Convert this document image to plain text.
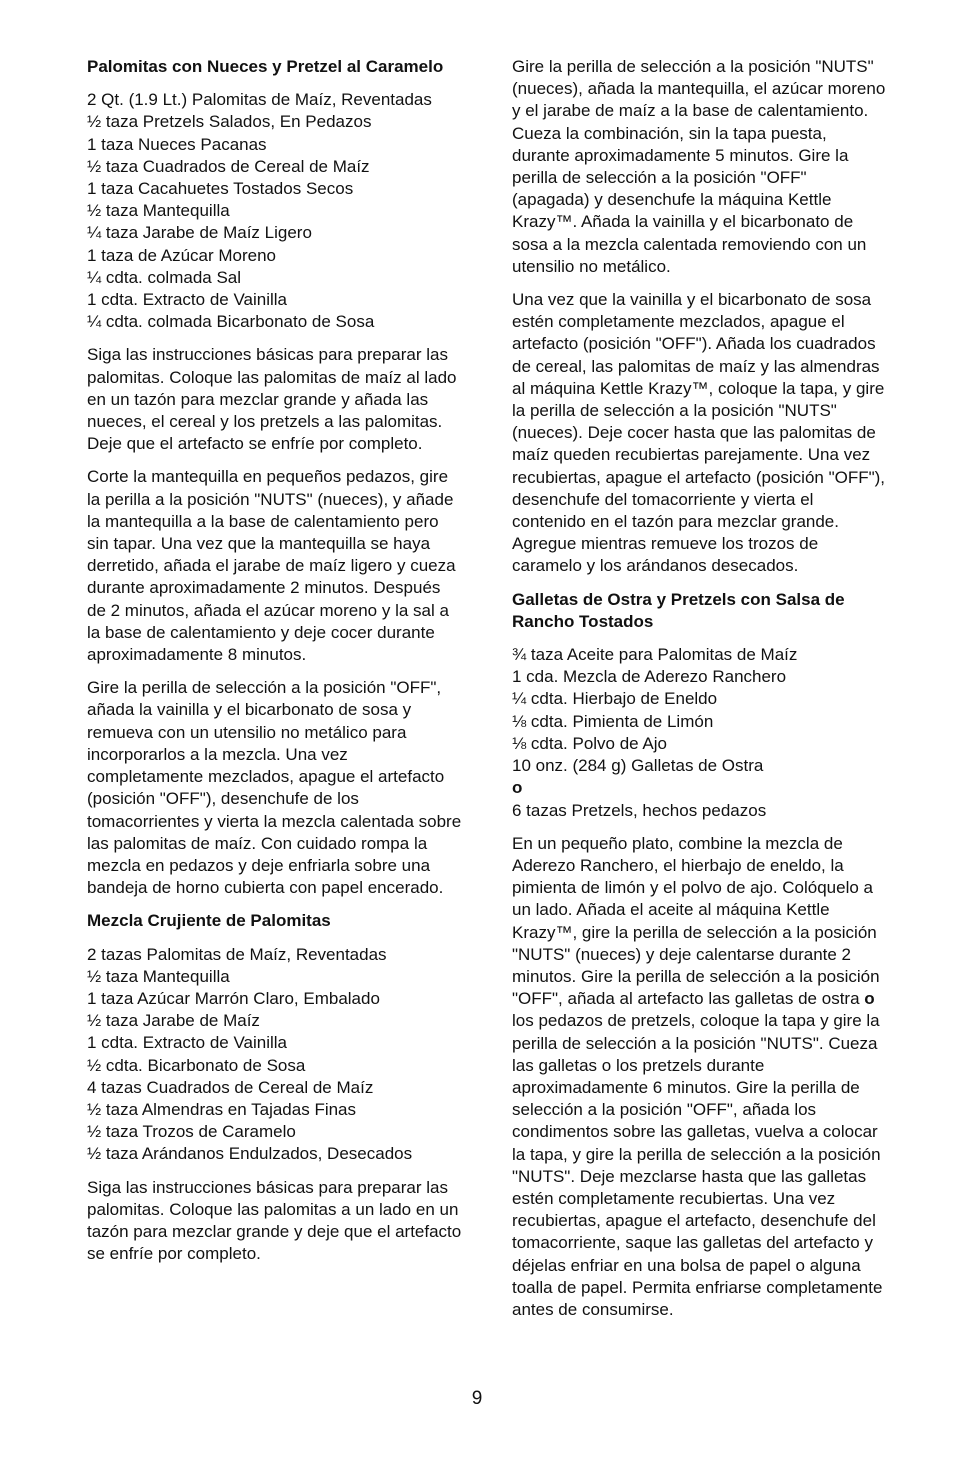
Palomitas con Nueces y Pretzel al Caramelo
2 Qt. (1.9 Lt.) Palomitas de Maíz, Reventadas
½ taza Pretzels Salados, En Pedazos
1 taza Nueces Pacanas
½ taza Cuadrados de Cereal de Maíz
1 taza Cacahuetes Tostados Secos
½ taza Mantequilla
¼ taza Jarabe de Maíz Ligero
1 taza de Azúcar Moreno
¼ cdta. colmada Sal
1 cdta. Extracto de Vainilla
¼ cdta. colmada Bicarbonato de Sosa

Siga las instrucciones básicas para preparar las palomitas. Coloque las palomitas de maíz al lado en un tazón para mezclar grande y añada las nueces, el cereal y los pretzels a las palomitas. Deje que el artefacto se enfríe por completo.

Corte la mantequilla en pequeños pedazos, gire la perilla a la posición "NUTS" (nueces), y añade la mantequilla a la base de calentamiento pero sin tapar. Una vez que la mantequilla se haya derretido, añada el jarabe de maíz ligero y cueza durante aproximadamente 2 minutos. Después de 2 minutos, añada el azúcar moreno y la sal a la base de calentamiento y deje cocer durante aproximadamente 8 minutos.

Gire la perilla de selección a la posición "OFF", añada la vainilla y el bicarbonato de sosa y remueva con un utensilio no metálico para incorporarlos a la mezcla. Una vez completamente mezclados, apague el artefacto (posición "OFF"), desenchufe de los tomacorrientes y vierta la mezcla calentada sobre las palomitas de maíz. Con cuidado rompa la mezcla en pedazos y deje enfriarla sobre una bandeja de horno cubierta con papel encerado.

Mezcla Crujiente de Palomitas
2 tazas Palomitas de Maíz, Reventadas
½ taza Mantequilla
1 taza Azúcar Marrón Claro, Embalado
½ taza Jarabe de Maíz
1 cdta. Extracto de Vainilla
½ cdta. Bicarbonato de Sosa
4 tazas Cuadrados de Cereal de Maíz
½ taza Almendras en Tajadas Finas
½ taza Trozos de Caramelo
½ taza Arándanos Endulzados, Desecados

Siga las instrucciones básicas para preparar las palomitas. Coloque las palomitas a un lado en un tazón para mezclar grande y deje que el artefacto se enfríe por completo.

Gire la perilla de selección a la posición "NUTS" (nueces), añada la mantequilla, el azúcar moreno y el jarabe de maíz a la base de calentamiento. Cueza la combinación, sin la tapa puesta, durante aproximadamente 5 minutos. Gire la perilla de selección a la posición "OFF" (apagada) y desenchufe la máquina Kettle Krazy™. Añada la vainilla y el bicarbonato de sosa a la mezcla calentada removiendo con un utensilio no metálico.

Una vez que la vainilla y el bicarbonato de sosa estén completamente mezclados, apague el artefacto (posición "OFF"). Añada los cuadrados de cereal, las palomitas de maíz y las almendras al máquina Kettle Krazy™, coloque la tapa, y gire la perilla de selección a la posición "NUTS" (nueces). Deje cocer hasta que las palomitas de maíz queden recubiertas parejamente. Una vez recubiertas, apague el artefacto (posición "OFF"), desenchufe del tomacorriente y vierta el contenido en el tazón para mezclar grande. Agregue mientras remueve los trozos de caramelo y los arándanos desecados.

Galletas de Ostra y Pretzels con Salsa de Rancho Tostados
¾ taza Aceite para Palomitas de Maíz
1 cda. Mezcla de Aderezo Ranchero
¼ cdta. Hierbajo de Eneldo
⅛ cdta. Pimienta de Limón
⅛ cdta. Polvo de Ajo
10 onz. (284 g) Galletas de Ostra
o
6 tazas Pretzels, hechos pedazos

En un pequeño plato, combine la mezcla de Aderezo Ranchero, el hierbajo de eneldo, la pimienta de limón y el polvo de ajo. Colóquelo a un lado. Añada el aceite al máquina Kettle Krazy™, gire la perilla de selección a la posición "NUTS" (nueces) y deje calentarse durante 2 minutos. Gire la perilla de selección a la posición "OFF", añada al artefacto las galletas de ostra o los pedazos de pretzels, coloque la tapa y gire la perilla de selección a la posición "NUTS". Cueza las galletas o los pretzels durante aproximadamente 6 minutos. Gire la perilla de selección a la posición "OFF", añada los condimentos sobre las galletas, vuelva a colocar la tapa, y gire la perilla de selección a la posición "NUTS". Deje mezclarse hasta que las galletas estén completamente recubiertas. Una vez recubiertas, apague el artefacto, desenchufe del tomacorriente, saque las galletas del artefacto y déjelas enfriar en una bolsa de papel o alguna toalla de papel. Permita enfriarse completamente antes de consumirse.

9
